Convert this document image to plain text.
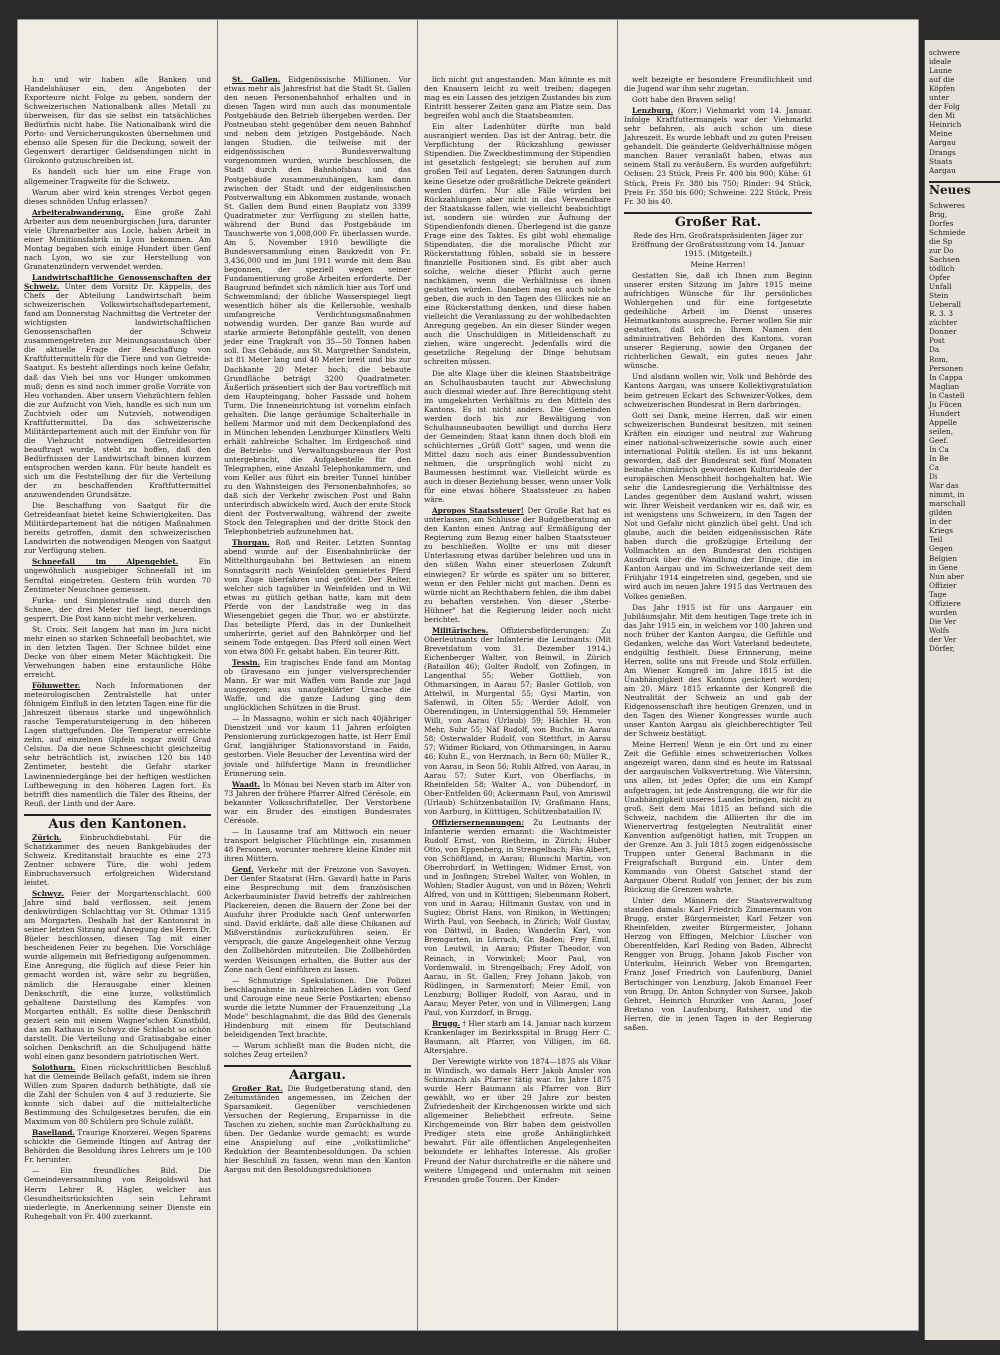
b.n und wir haben alle Banken und Handelshäuser ein, den Angeboten der Exporteure nicht Folge zu geben, sondern der Schweizerischen Nationalbank alles Metall zu überweisen, für das sie selbst ein tatsächliches Bedürfnis nicht habe. Die Nationalbank wird die Porto- und Versicherungskosten übernehmen und ebenso alle Spesen für die Deckung, soweit der Gegenwert derartiger Geldsendungen nicht in Girokonto gutzuschreiben ist.

Es handelt sich hier um eine Frage von allgemeiner Tragweite für die Schweiz.

Warum aber wird kein strenges Verbot gegen dieses schnöden Unfug erlassen?

Arbeiterabwanderung. Eine große Zahl Arbeiter aus dem neuenburgischen Jura, darunter viele Uhrenarbeiter aus Locle, haben Arbeit in einer Munitionsfabrik in Lyon bekommen. Am Montag begaben sich einige Hundert über Genf nach Lyon, wo sie zur Herstellung von Granatenzündern verwendet werden.

Landwirtschaftliche Genossenschaften der Schweiz. Unter dem Vorsitz Dr. Käppelis, des Chefs der Abteilung Landwirtschaft beim schweizerischen Volkswirtschaftsdepartement, fand am Donnerstag Nachmittag die Vertreter der wichtigsten landwirtschaftlichen Genossenschaften der Schweiz zusammengetreten zur Meinungsaustausch über die aktuelle Frage der Beschaffung von Kraftfuttermitteln für die Tiere und von Getreide-Saatgut. Es besteht allerdings noch keine Gefahr, daß das Vieh bei uns vor Hunger umkommen muß; denn es sind noch immer große Vorräte von Heu vorhanden. Aber unsern Viehzüchtern fehlen die zur Aufzucht von Vieh, handle es sich nun um Zuchtvieh oder um Nutzvieh, notwendigen Kraftfuttermittel. Da das schweizerische Militärdepartement auch mit der Einfuhr von für die Viehzucht notwendigen Getreidesorten beauftragt wurde, steht zu hoffen, daß den Bedürfnissen der Landwirtschaft binnen kurzem entsprochen werden kann. Für heute handelt es sich um die Feststellung der für die Verteilung der zu beschaffenden Kraftfuttermittel anzuwendenden Grundsätze.

Die Beschaffung von Saatgut für die Getreideanfaat bietet keine Schwierigkeiten. Das Militärdepartement hat die nötigen Maßnahmen bereits getroffen, damit den schweizerischen Landwirten die notwendigen Mengen von Saatgut zur Verfügung stehen.

Schneefall im Alpengebiet.	Ein ungewöhnlich ausgiebiger Schneefall ist im Sernftal eingetreten. Gestern früh wurden 70 Zentimeter Neuschnee gemessen.

Furka- und Simplonstraße sind durch den Schnee, der drei Meter tief liegt, neuerdings gesperrt. Die Post kann nicht mehr verkehren.

St. Croix. Seit langem hat man im Jura nicht mehr einen so starken Schneefall beobachtet, wie in den letzten Tagen. Der Schnee bildet eine Decke von über einem Meter Mächtigkeit. Die Verwehungen haben eine erstaunliche Höhe erreicht.

Föhnwetter. Nach Informationen der meteorologischen Zentralstelle hat unter föhnigem Einfluß in den letzten Tagen eine für die Jahreszeit überaus starke und ungewöhnlich rasche Temperatursteigerung in den höheren Lagen stattgefunden. Die Temperatur erreichte zehn, auf einzelnen Gipfeln sogar zwölf Grad Celsius. Da die neue Schneeschicht gleichzeitig sehr beträchtlich ist, zwischen 120 bis 140 Zentimeter, besteht die Gefahr starker Lawinenniedergänge bei der heftigen westlichen Luftbewegung in den höheren Lagen fort. Es betrifft dies namentlich die Täler des Rheins, der Reuß, der Linth und der Aare.

Aus den Kantonen.

Zürich. Einbruchdiebstahl. Für die Schatzkammer des neuen Bankgebäudes der Schweiz. Kreditanstalt brauchte es eine 273 Zentner schwere Türe, die wohl jedem Einbruchsversuch erfolgreichen Widerstand leistet.

Schwyz. Feier der Morgartenschlacht. 600 Jahre sind bald verflossen, seit jenem denkwürdigen Schlachttag vor St. Othmar 1315 am Morgarten. Deshalb hat der Kantonsrat in seiner letzten Sitzung auf Anregung des Herrn Dr. Büeler beschlossen, diesen Tag mit einer bescheidenen Feier zu begehen. Die Vorschläge wurde allgemein mit Befriedigung aufgenommen. Eine Anregung, die füglich auf diese Feier hin gemacht worden ist, wäre sehr zu begrüßen, nämlich die Herausgabe einer kleinen Denkschrift, die eine kurze, volkstümlich gehaltene Darstellung des Kampfes von Morgarten enthält. Es sollte diese Denkschrift geziert sein mit einem Wagner'schen Kunstbild, das am Rathaus in Schwyz die Schlacht so schön darstellt. Die Verteilung und Gratisabgabe einer solchen Denkschrift an die Schuljugend hätte wohl einen ganz besondern patriotischen Wert.

Solothurn. Einen rückschrittlichen Beschluß hat die Gemeinde Bellach gefaßt, indem sie ihren Willen zum Sparen dadurch bethätigte, daß sie die Zahl der Schulen von 4 auf 3 reduzierte. Sie konnte sich dabei auf die mittelalterliche Bestimmung des Schulgesetzes berufen, die ein Maximum von 80 Schülern pro Schule zuläßt.

Baselland. Traurige Knorzerei. Wegen Sparens schickte die Gemeinde Itingen auf Antrag der Behörden die Besoldung ihres Lehrers um je 100 Fr. herunter.

— Ein freundliches Bild. Die Gemeindeversammlung von Reigoldswil hat Herrn Lehrer R. Hägler, welcher aus Gesundheitsrücksichten sein Lehramt niederlegte, in Anerkennung seiner Dienste ein Ruhegehalt von Fr. 400 zuerkannt.

St. Gallen. Eidgenössische Millionen. Vor etwas mehr als Jahresfrist hat die Stadt St. Gallen den neuen Personenbahnhof erhalten und in diesen Tagen wird nun auch das monumentale Postgebäude den Betrieb übergeben werden. Der Postneubau steht gegenüber dem neuen Bahnhof und neben dem jetzigen Postgebäude. Nach langen Studien, die teilweise mit der eidgenössischen Bundesverwaltung vorgenommen wurden, wurde beschlossen, die Stadt durch den Bahnhofsbau und das Postgebäude zusammenzuhängen, kam dann zwischen der Stadt und der eidgenössischen Postverwaltung ein Abkommen zustande, wonach St. Gallen dem Bund einen Bauplatz von 3399 Quadratmeter zur Verfügung zu stellen hatte, während der Bund das Postgebäude im Tauschwerte von 1,008,000 Fr. überlassen wurde. Am 5. November 1910 bewilligte die Bundesversammlung einen Baukredit von Fr. 3,436,000 und im Juni 1911 wurde mit dem Bau begonnen, der speziell wegen seiner Fundamentierung große Arbeiten erforderte. Der Baugrund befindet sich nämlich hier aus Torf und Schwemmland; der übliche Wasserspiegel liegt wesentlich höher als die Kellersohle, weshalb umfangreiche Verdichtungsmaßnahmen notwendig wurden. Der ganze Bau wurde auf starke armierte Betonpfähle gestellt, von denen jeder eine Tragkraft von 35—50 Tonnen haben soll. Das Gebäude, aus St. Margrether Sandstein, ist 81 Meter lang und 40 Meter breit und bis zur Dachkante 20 Meter hoch; die bebaute Grundfläche beträgt 3200 Quadratmeter. Äußerlich präsentiert sich der Bau vortrefflich mit dem Haupteingang, hoher Fassade und hohem Turm. Die Inneneinrichtung ist vornehm einfach gehalten. Die lange geräumige Schalterhalle in hellem Marmor und mit dem Deckenplafond des in München lebenden Lenzburger Künstlers Welti erhält zahlreiche Schalter. Im Erdgeschoß sind die Betriebs- und Verwaltungsbureaus der Post untergebracht, die Aufgabestelle für den Telegraphen, eine Anzahl Telephonkammern, und vom Keller aus führt ein breiter Tunnel hinüber zu den Wahnsteigen des Personenbahnhofes, so daß sich der Verkehr zwischen Post und Bahn unterirdisch abwickeln wird. Auch der erste Stock dient der Postverwaltung, während der zweite Stock den Telegraphen und der dritte Stock den Telephonbetrieb aufzunehmen hat.

Thurgau. Roß und Reiter. Letzten Sonntag abend wurde auf der Eisenbahnbrücke der Mittelthurgaubahn bei Bettwiesen an einem Sonntagsritt nach Weinfelden gemietetes Pferd vom Zuge überfahren und getötet. Der Reiter, welcher sich tagsüber in Weinfelden und in Wil etwas zu gütlich gethan hatte, kam mit dem Pferde von der Landstraße weg in das Wiesengebiet gegen die Thur, wo er abstürzte. Das beteiligte Pferd, das in der Dunkelheit umherirrte, geriet auf den Bahnkörper und lief seinem Tode entgegen. Das Pferd soll einen Wert von etwa 800 Fr. gehabt haben. Ein teurer Ritt.

Tessin. Ein tragisches Ende fand am Montag ob Gravesano ein junger vielversprechender Mann. Er war mit Waffen vom Bande zur Jagd ausgezogen; aus unaufgeklärter Ursache die Waffe, und die ganze Ladung ging dem unglücklichen Schützen in die Brust.

— In Massagno, wohin er sich nach 40jähriger Dienstzeit und vor kaum 11 Jahren erfolgten Pensionierung zurückgezogen hatte, ist Herr Emil Graf, langjähriger Stationsvorstand in Faido, gestorben. Viele Besucher der Leventina wird der joviale und hilfsfertige Mann in freundlicher Erinnerung sein.

Waadt. In Mönau bei Neven starb im Alter von 73 Jahren der frühere Pfarrer Alfred Cérésole, ein bekannter Volksschriftsteller. Der Verstorbene war ein Bruder des einstigen Bundesrates Cérésole.

— In Lausanne traf am Mittwoch ein neuer transport belgischer Flüchtlinge ein, zusammen 48 Personen, worunter mehrere kleine Kinder mit ihren Müttern.

Genf. Verkehr mit der Freizone von Savoyen. Der Genfer Staatsrat (Hrn. Gavard) hatte in Paris eine Besprechung mit dem französischen Ackerbauminister David betreffs der zahlreichen Plackereien, denen die Bauern der Zone bei der Ausfuhr ihrer Produkte nach Genf unterworfen sind. David erklärte, daß alle diese Chikanen auf Mißverständnis zurückzuführen seien. Er versprach, die ganze Angelegenheit ohne Verzug den Zollbehörden mitzuteilen. Die Zollbehörden werden Weisungen erhalten, die Butter aus der Zone nach Genf einführen zu lassen.

— Schmutzige Spekulationen. Die Polizei beschlagnahmte in zahlreichen Läden von Genf und Carouge eine neue Serie Postkarten; ebenso wurde die letzte Nummer der Frauenzeitung „La Mode" beschlagnahmt, die das Bild des Generals Hindenburg mit einem für Deutschland beleidigenden Text brachte.

— Warum schließt man die Buden nicht, die solches Zeug erteilen?

Aargau.

Großer Rat. Die Budgetberatung stand, den Zeitumständen angemessen, im Zeichen der Sparsamkeit. Gegenüber verschiedenen Versuchen der Regierung, Ersparnisse in die Taschen zu ziehen, suchte man Zurückhaltung zu üben. Der Gedanke wurde gemacht; es wurde eine Anspielung auf eine „volkstümliche" Reduktion der Beamtenbesoldungen. Da schien hier Beschluß zu fassen, wenn man den Kanton Aargau mit den Besoldungsreduktionen

lich nicht gut angestanden. Man könnte es mit den Knausern leicht zu weit treiben; dagegen mag es ein Lassen des jetzigen Zustandes bis zum Eintritt besserer Zeiten ganz am Platze sein. Das begreifen wohl auch die Staatsbeamten.

Ein alter Ladenhüter dürfte nun bald ausrangiert werden. Das ist der Antrag, betr. die Verpflichtung der Rückzahlung gewisser Stipendien. Die Zweckbestimmung der Stipendien ist gesetzlich festgelegt; sie beruhen auf zum großen Teil auf Legaten, deren Satzungen durch keine Gesetze oder großrätliche Dekrete geändert werden dürfen. Nur alle Fälle würden bei Rückzahlungen aber nicht in das Verwendbare der Staatskasse fallen, wie vielleicht beabsichtigt ist, sondern sie würden zur Äufnung der Stipendienfonds dienen. Überlegend ist die ganze Frage eine des Taktes. Es gibt wohl ehemalige Stipendiaten, die die moralische Pflicht zur Rückerstattung fühlen, sobald sie in bessere finanzielle Positionen sind. Es gibt aber auch solche, welche dieser Pflicht auch gerne nachkämen, wenn die Verhältnisse es ihnen gestatten würden. Daneben mag es auch solche geben, die auch in den Tagen des Glückes nie an eine Rückerstattung denken, und diese haben vielleicht die Veranlassung zu der wohlbedachten Anregung gegeben. An ein dieser Sünder wegen auch die Unschuldigen in Mitleidenschaft zu ziehen, wäre ungerecht. Jedenfalls wird die gesetzliche Regelung der Dinge behutsam schreiten müssen.

Die alte Klage über die kleinen Staatsbeiträge an Schulhausbauten taucht zur Abwechslung auch diesmal wieder auf. Ihre Berechtigung steht im umgekehrten Verhältnis zu den Mitteln des Kantons. Es ist nicht anders. Die Gemeinden werden doch bis zur Bewältigung von Schulhausneubauten bewilligt und durchs Herz der Gemeinden: Staat kann ihnen doch bloß ein schüchternes „Grüß Gott" sagen, und wenn die Mittel dazu noch aus einer Bundessubvention nehmen, die ursprünglich wohl nicht zu Baumessen bestimmt war. Vielleicht würde es auch in dieser Beziehung besser, wenn unser Volk für eine etwas höhere Staatssteuer zu haben wäre.

Apropos Staatssteuer! Der Große Rat hat es unterlassen, am Schlusse der Budgetberatung an den Kanton einen Antrag auf Ermäßigung der Regierung zum Bezug einer halben Staatssteuer zu beschließen. Wollte er uns mit dieser Unterlassung etwas darüber belehren und uns in den süßen Wahn einer steuerlosen Zukunft einwiegen? Er würde es später um so bitterer, wenn er den Fehler nicht gut machen. Denn es würde nicht an Rechthabern fehlen, die ihm dabei zu behaften verstehen. Von dieser „Sterbe-Hühner" hat die Regierung leider noch nicht berichtet.

Militärisches. Offiziersbeförderungen: Zu Oberleutnants der Infanterie die Leutnants: (Mit Brevetdatum vom 31. Dezember 1914.) Eichenberger Walter, von Beinwil, in Zürich (Bataillon 46); Gulter Rudolf, von Zofingen, in Langenthal 55; Weber Gottlieb, von Othmarsingen, in Aarau 57; Basler Gottlob, von Attelwil, in Murgental 55; Gysi Martin, von Safenwil, in Olten 55; Werder Adolf, von Oberendingen, in Untersiggenthal 59; Hemmeler Willi, von Aarau (Urlaub) 59; Hächler H. von Mehr, Suhr 55; Näf Rudolf, von Buchs, in Aarau 58; Osterwalder Rudolf, von Stettfurt, in Aarau 57; Widmer Rickard, von Othmarsingen, in Aarau 46; Kuhn E., von Herznach, in Bern 60; Müller R., von Aarau, in Seon 56; Rubli Alfred, von Aarau, in Aarau 57; Suter Kurt, von Oberflachs, in Rheinfelden 58; Walter A., von Dübendorf, in Ober-Entfelden 60; Ackermann Paul, von Amriswil (Urlaub) Schützenbataillon IV; Graßmann Hans, von Aarburg, in Kütttigen, Schützenbataillon IV.

Offiziersernennungen: Zu Leutnants der Infanterie werden ernannt: die Wachtmeister Rudolf Ernst, von Rietheim, in Zürich; Huber Otto, von Eppenberg, in Strengelbach; Fäs Albert, von Schöftland, in Aarau; Blunschi Martin, von Oberrohrdorf, in Wettingen; Widmer Ernst, von und in Josfingen; Strebel Walter, von Wohlen, in Wohlen; Stadler August, von und in Bözen; Wehrli Alfred, von und in Kütttigen; Siebenmann Robert, von und in Aarau; Hiltmann Gustav, von und in Sugiez; Obrist Hans, von Rinikon, in Wettingen; Wirth Paul, von Seebach, in Zürich; Wolf Gustav, von Dättwil, in Baden; Wanderlin Karl, von Bremgarten, in Lörrach, Gr. Baden; Frey Emil, von Leutwil, in Aarau; Pfister Theodor, von Reinach, in Vorwinkel; Moor Paul, von Vordemwald, in Strengelbach; Frey Adolf, von Aarau, in St. Gallen; Frey Johann Jakob, von Rüdlingen, in Sarmenstorf; Meier Emil, von Lenzburg; Bolliger Rudolf, von Aarau, und in Aarau; Meyer Peter, von und in Villmergen; Lang Paul, von Kurzdorf, in Brugg.

Brugg. † Hier starb am 14. Januar nach kurzem Krankenlager im Bezirksspital in Brugg Herr C. Baumann, alt Pfarrer, von Villigen, im 68. Altersjahre.

Der Verewigte wirkte von 1874—1875 als Vikar in Windisch, wo damals Herr Jakob Amsler von Schinznach als Pfarrer tätig war. Im Jahre 1875 wurde Herr Baumann als Pfarrer von Birr gewählt, wo er über 29 Jahre zur besten Zufriedenheit der Kirchgenossen wirkte und sich allgemeiner Beliebtheit erfreute. Seine Kirchgemeinde von Birr haben dem geistvollen Prediger stets eine große Anhänglichkeit bewahrt. Für alle öffentlichen Angelegenheiten bekundete er lebhaftes Interesse. Als großer Freund der Natur durchstreifte er die nähere und weitere Umgegend und unternahm mit seinen Freunden große Touren. Der Kinder-

welt bezeigte er besondere Freundlichkeit und die Jugend war ihm sehr zugetan.

Gott habe den Braven selig!

Lenzburg. (Korr.) Viehmarkt vom 14. Januar. Infolge Kraftfuttermangels war der Viehmarkt sehr befahren, als auch schon um diese Jahreszeit. Es wurde lebhaft und zu guten Preisen gehandelt. Die geänderte Geldverhältnisse mögen manchen Bauer veranlaßt haben, etwas aus seinem Stall zu veräußern. Es wurden aufgeführt: Ochsen: 23 Stück, Preis Fr. 400 bis 900; Kühe: 61 Stück, Preis Fr. 380 bis 750; Rinder: 94 Stück, Preis Fr. 350 bis 600; Schweine: 222 Stück, Preis Fr. 30 bis 40.

Großer Rat.

Rede des Hrn. Großratspräsidenten Jäger zur Eröffnung der Großratssitzung vom 14. Januar 1915. (Mitgeteilt.)

Meine Herren!

Gestatten Sie, daß ich Ihnen zum Beginn unserer ersten Sitzung im Jahre 1915 meine aufrichtigen Wünsche für Ihr persönliches Wohlergehen und für eine fortgesetzte gedeihliche Arbeit im Dienst unseres Heimatkantons ausspreche. Ferner wollen Sie mir gestatten, daß ich in Ihrem Namen den administrativen Behörden des Kantons, voran unserer Regierung, sowie den Organen der richterlichen Gewalt, ein gutes neues Jahr wünsche.

Und alsdann wollen wir, Volk und Behörde des Kantons Aargau, was unsere Kollektivgratulation beim getreuen Eckart des Schweizer-Volkes, dem schweizerischen Bundesrat in Bern darbringen.

Gott sei Dank, meine Herren, daß wir einen schweizerischen Bundesrat besitzen, mit seinen Kräften ein einziger und neutral zur Wahrung einer national-schweizerische sowie auch einer international Politik stellen. Es ist uns bekannt geworden, daß der Bundesrat seit fünf Monaten beinahe chimärisch gewordenen Kulturideale der europäischen Menschheit hochgehalten hat. Wie sehr die Landesregierung die Verhältnisse des Landes gegenüber dem Ausland wahrt, wissen wir. Ihrer Weisheit verdanken wir es, daß wir, es ist wenigstens uns Schweizern, in den Tagen der Not und Gefahr nicht gänzlich übel geht. Und ich glaube, auch die beiden eidgenössischen Räte haben durch die großzügige Erteilung der Vollmachten an den Bundesrat den richtigen Ausdruck über die Wandlung der Dinge, die im Kanton Aargau und im Schweizerlande seit dem Frühjahr 1914 eingetreten sind, gegeben, und sie wird auch im neuen Jahre 1915 das Vertrauen des Volkes genießen.

Das Jahr 1915 ist für uns Aargauer ein Jubiläumsjahr. Mit dem heutigen Tage trete ich in das Jahr 1915 ein, in welchem vor 100 Jahren und noch früher der Kanton Aargau, die Gefühle und Gedanken, welche das Wort Vaterland bedeutete, endgültig festhielt. Diese Erinnerung, meine Herren, sollte uns mit Freude und Stolz erfüllen. Am Wiener Kongreß im Jahre 1815 ist die Unabhängigkeit des Kantons gesichert worden; am 20. März 1815 erkannte der Kongreß die Neutralität der Schweiz an und gab der Eidgenossenschaft ihre heutigen Grenzen, und in den Tagen des Wiener Kongresses wurde auch unser Kanton Aargau als gleichberechtigter Teil der Schweiz bestätigt.

Meine Herren! Wenn je ein Ort und zu einer Zeit die Gefühle eines schweizerischen Volkes angezeigt waren, dann sind es heute im Ratssaal der aargauischen Volksvertretung. Wie Vätersinn, uns allen, ist jedes Opfer, die uns ein Kampf aufgetragen, ist jede Anstrengung, die wir für die Unabhängigkeit unseres Landes bringen, nicht zu groß. Seit dem Mai 1815 an befand sich die Schweiz, nachdem die Alliierten ihr die im Wienervertrag festgelegten Neutralität einer Konvention aufgenötigt hatten, mit Truppen an der Grenze. Am 3. Juli 1815 zogen eidgenössische Truppen unter General Bachmann in die Freigrafschaft Burgund ein. Unter dem Kommando von Oberst Gatschet stand der Aargauer Oberst Rudolf von Jenner, der bis zum Rückzug die Grenzen wahrte.

Unter den Männern der Staatsverwaltung standen damals: Karl Friedrich Zimmermann von Brugg, erster Bürgermeister, Karl Fetzer von Rheinfelden, zweiter Bürgermeister, Johann Herzog von Effingen, Melchior Lüscher von Oberentfelden, Karl Reding von Baden, Albrecht Rengger von Brugg, Johann Jakob Fischer von Unterkulm, Heinrich Weber von Bremgarten, Franz Josef Friedrich von Laufenburg, Daniel Bertschinger von Lenzburg, Jakob Emanuel Feer von Brugg, Dr. Anton Schnyder von Sursee, Jakob Gehret, Heinrich Hunziker von Aarau, Josef Bretano von Laufenburg, Ratsherr, und die Herren, die in jenen Tagen in der Regierung saßen.

schwere
ideale
Laune
auf die
Köpfen
unter
der Folg
den Mi
Heinrich
Meine
Aargau
Drangs
Staats
Aargau
Neues
Schweres
Brig,
Dorfes
Schmiede
die Sp
zur Do
Sachsen
tödlich
Opfer
Unfall
Stein
Ueberall
R. 3. 3
züchter
Donner
Post
Da
Rom,
Personen
In Cappa
Maglian
In Castell
Ju Fücen
Hundert
Appelle
seilen,
Geef.
In Ca
In Be
Ca
Di
War das
nimmt, in
marschall
gilden
In der
Kriegs
Teil
Gegen
Belgien
in Gene
Nun aber
Offizier
Tage
Offiziere
wurden
Die Ver
Wolfs
der Ver
Dörfer,
